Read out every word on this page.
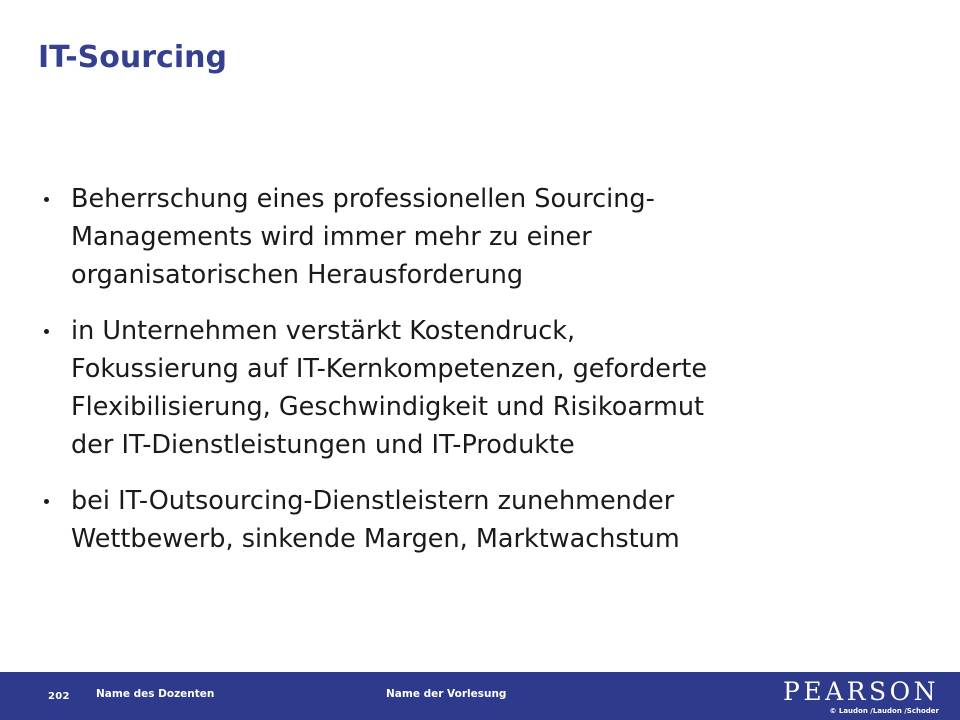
IT-Sourcing
Beherrschung eines professionellen Sourcing-
Managements wird immer mehr zu einer
organisatorischen Herausforderung
in Unternehmen verstärkt Kostendruck,
Fokussierung auf IT-Kernkompetenzen, geforderte
Flexibilisierung, Geschwindigkeit und Risikoarmut
der IT-Dienstleistungen und IT-Produkte
bei IT-Outsourcing-Dienstleistern zunehmender
Wettbewerb, sinkende Margen, Marktwachstum
202 Name des Dozenten	Name der Vorlesung	PEARSON
© Laudon /Laudon /Schoder
